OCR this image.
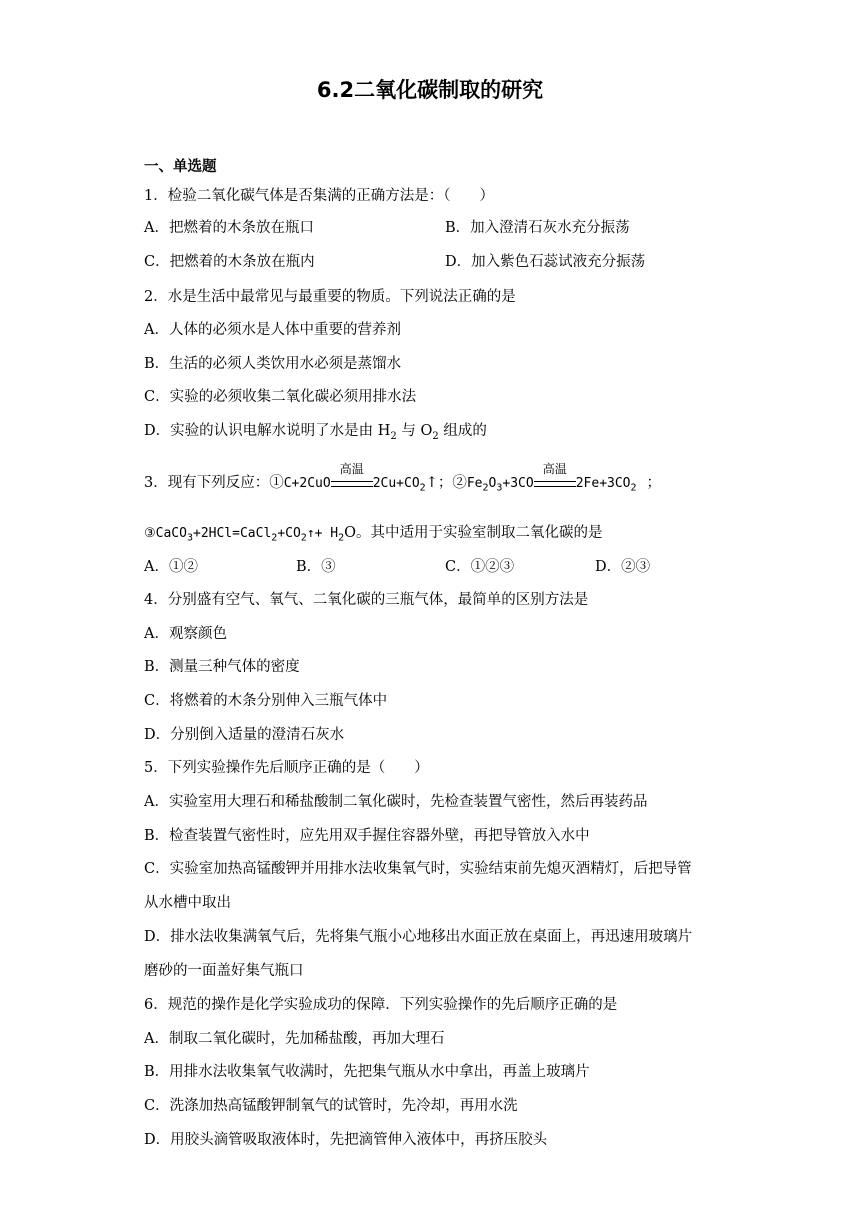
6.2二氧化碳制取的研究
一、单选题
1．检验二氧化碳气体是否集满的正确方法是：（　　）
A．把燃着的木条放在瓶口	B．加入澄清石灰水充分振荡
C．把燃着的木条放在瓶内	D．加入紫色石蕊试液充分振荡
2．水是生活中最常见与最重要的物质。下列说法正确的是
A．人体的必须水是人体中重要的营养剂
B．生活的必须人类饮用水必须是蒸馏水
C．实验的必须收集二氧化碳必须用排水法
D．实验的认识电解水说明了水是由 $H_2$ 与 $O_2$ 组成的
3．现有下列反应：①C+2CuO
高温
$2Cu+CO_2↑$；$②Fe_2O_3+3CO$
高温
$2Fe+3CO_2$ ；
$③CaCO_3+2HCl=CaCl_2+CO_2↑+ H_2O$。其中适用于实验室制取二氧化碳的是
A．①②	B．③	C．①②③	D．②③
4．分别盛有空气、氧气、二氧化碳的三瓶气体，最简单的区别方法是
A．观察颜色
B．测量三种气体的密度
C．将燃着的木条分别伸入三瓶气体中
D．分别倒入适量的澄清石灰水
5．下列实验操作先后顺序正确的是（　　）
A．实验室用大理石和稀盐酸制二氧化碳时，先检查装置气密性，然后再装药品
B．检查装置气密性时，应先用双手握住容器外壁，再把导管放入水中
C．实验室加热高锰酸钾并用排水法收集氧气时，实验结束前先熄灭酒精灯，后把导管
从水槽中取出
D．排水法收集满氧气后，先将集气瓶小心地移出水面正放在桌面上，再迅速用玻璃片
磨砂的一面盖好集气瓶口
6．规范的操作是化学实验成功的保障．下列实验操作的先后顺序正确的是
A．制取二氧化碳时，先加稀盐酸，再加大理石
B．用排水法收集氧气收满时，先把集气瓶从水中拿出，再盖上玻璃片
C．洗涤加热高锰酸钾制氧气的试管时，先冷却，再用水洗
D．用胶头滴管吸取液体时，先把滴管伸入液体中，再挤压胶头
